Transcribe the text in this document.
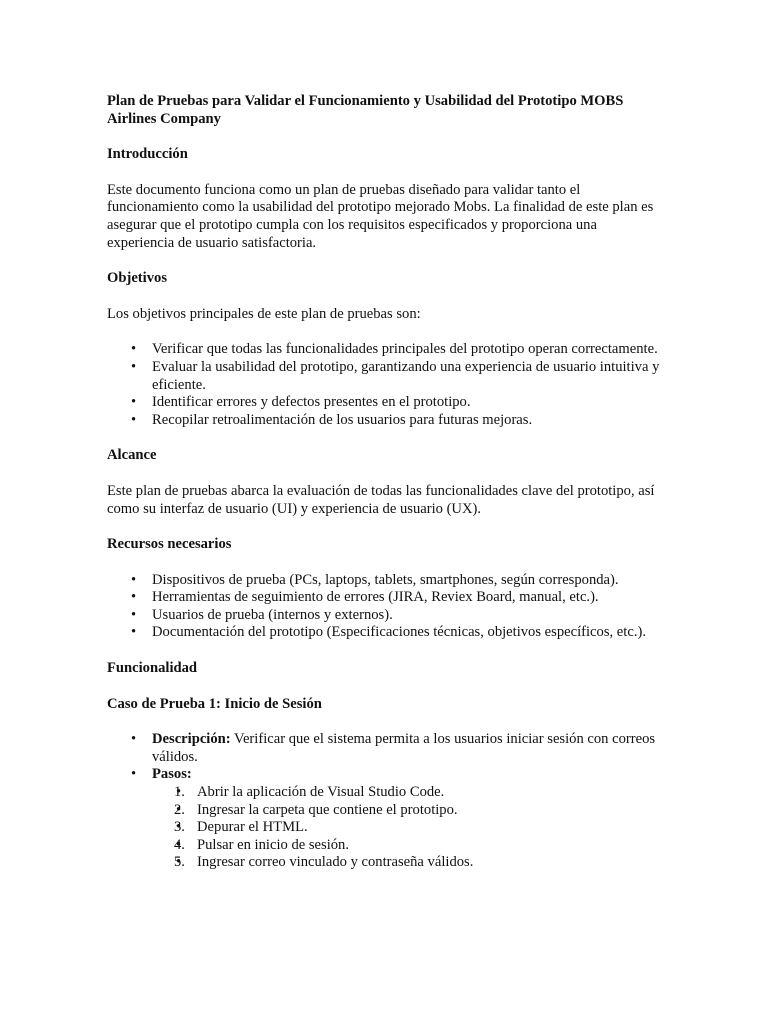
Plan de Pruebas para Validar el Funcionamiento y Usabilidad del Prototipo MOBS Airlines Company

Introducción

Este documento funciona como un plan de pruebas diseñado para validar tanto el funcionamiento como la usabilidad del prototipo mejorado Mobs. La finalidad de este plan es asegurar que el prototipo cumpla con los requisitos especificados y proporciona una experiencia de usuario satisfactoria.

Objetivos

Los objetivos principales de este plan de pruebas son:

• Verificar que todas las funcionalidades principales del prototipo operan correctamente.
• Evaluar la usabilidad del prototipo, garantizando una experiencia de usuario intuitiva y eficiente.
• Identificar errores y defectos presentes en el prototipo.
• Recopilar retroalimentación de los usuarios para futuras mejoras.

Alcance

Este plan de pruebas abarca la evaluación de todas las funcionalidades clave del prototipo, así como su interfaz de usuario (UI) y experiencia de usuario (UX).

Recursos necesarios

• Dispositivos de prueba (PCs, laptops, tablets, smartphones, según corresponda).
• Herramientas de seguimiento de errores (JIRA, Reviex Board, manual, etc.).
• Usuarios de prueba (internos y externos).
• Documentación del prototipo (Especificaciones técnicas, objetivos específicos, etc.).

Funcionalidad

Caso de Prueba 1: Inicio de Sesión

• Descripción: Verificar que el sistema permita a los usuarios iniciar sesión con correos válidos.
• Pasos:
• 1. Abrir la aplicación de Visual Studio Code.
• 2. Ingresar la carpeta que contiene el prototipo.
• 3. Depurar el HTML.
• 4. Pulsar en inicio de sesión.
• 5. Ingresar correo vinculado y contraseña válidos.
